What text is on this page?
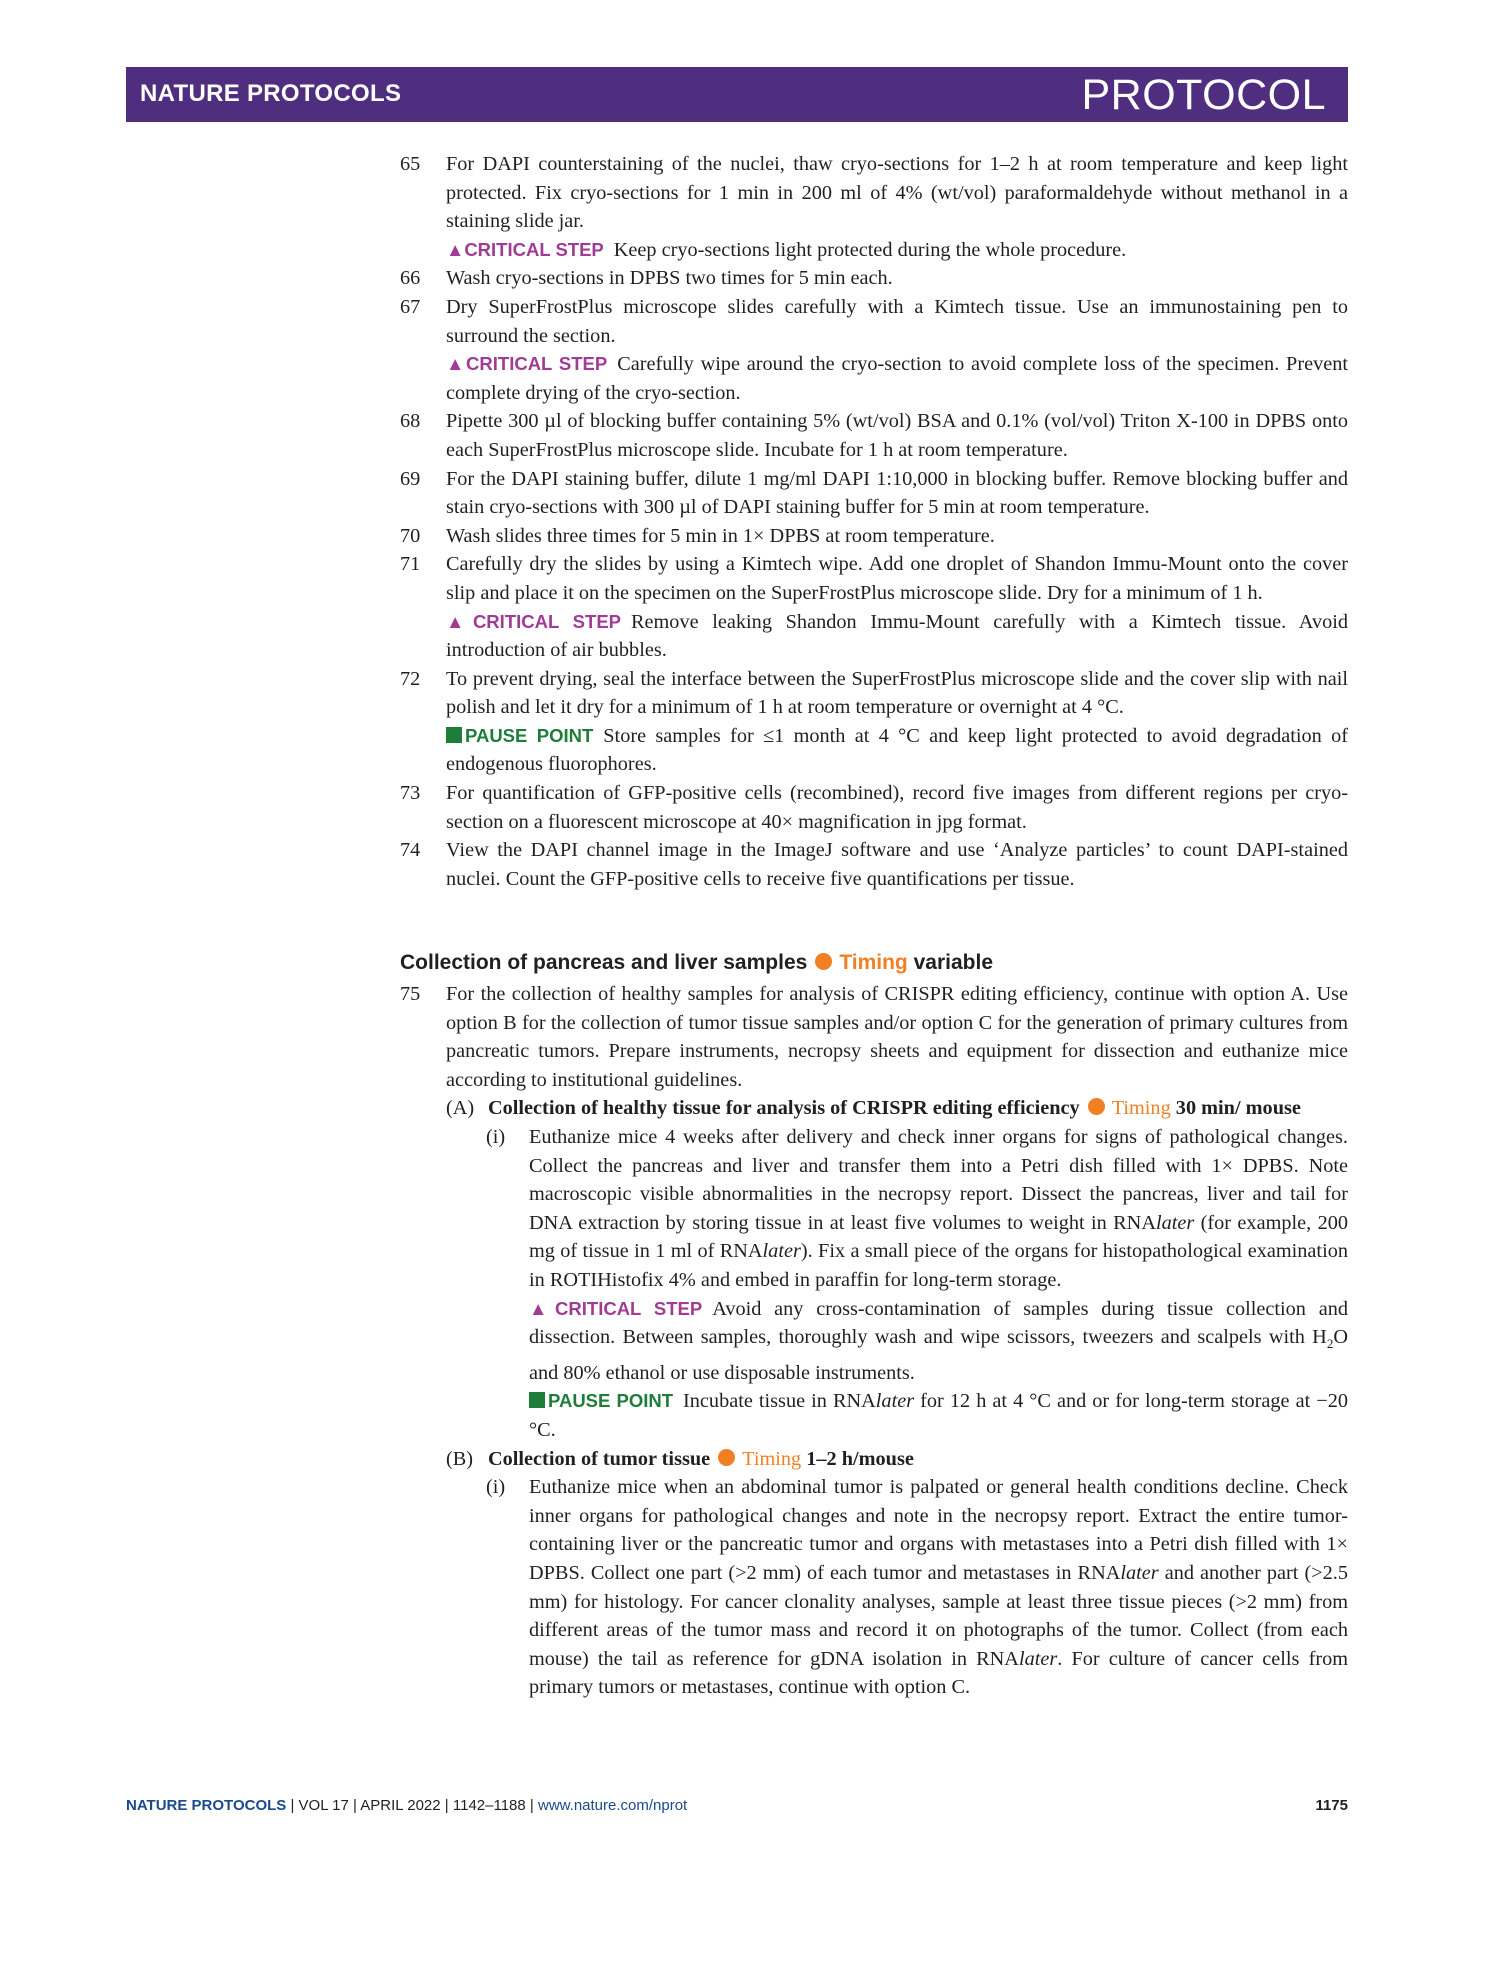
NATURE PROTOCOLS	PROTOCOL
65 For DAPI counterstaining of the nuclei, thaw cryo-sections for 1–2 h at room temperature and keep light protected. Fix cryo-sections for 1 min in 200 ml of 4% (wt/vol) paraformaldehyde without methanol in a staining slide jar.
▲CRITICAL STEP Keep cryo-sections light protected during the whole procedure.
66 Wash cryo-sections in DPBS two times for 5 min each.
67 Dry SuperFrostPlus microscope slides carefully with a Kimtech tissue. Use an immunostaining pen to surround the section.
▲CRITICAL STEP Carefully wipe around the cryo-section to avoid complete loss of the specimen. Prevent complete drying of the cryo-section.
68 Pipette 300 µl of blocking buffer containing 5% (wt/vol) BSA and 0.1% (vol/vol) Triton X-100 in DPBS onto each SuperFrostPlus microscope slide. Incubate for 1 h at room temperature.
69 For the DAPI staining buffer, dilute 1 mg/ml DAPI 1:10,000 in blocking buffer. Remove blocking buffer and stain cryo-sections with 300 µl of DAPI staining buffer for 5 min at room temperature.
70 Wash slides three times for 5 min in 1× DPBS at room temperature.
71 Carefully dry the slides by using a Kimtech wipe. Add one droplet of Shandon Immu-Mount onto the cover slip and place it on the specimen on the SuperFrostPlus microscope slide. Dry for a minimum of 1 h.
▲CRITICAL STEP Remove leaking Shandon Immu-Mount carefully with a Kimtech tissue. Avoid introduction of air bubbles.
72 To prevent drying, seal the interface between the SuperFrostPlus microscope slide and the cover slip with nail polish and let it dry for a minimum of 1 h at room temperature or overnight at 4 °C.
PAUSE POINT Store samples for ≤1 month at 4 °C and keep light protected to avoid degradation of endogenous fluorophores.
73 For quantification of GFP-positive cells (recombined), record five images from different regions per cryo-section on a fluorescent microscope at 40× magnification in jpg format.
74 View the DAPI channel image in the ImageJ software and use ‘Analyze particles’ to count DAPI-stained nuclei. Count the GFP-positive cells to receive five quantifications per tissue.
Collection of pancreas and liver samples Timing variable
75 For the collection of healthy samples for analysis of CRISPR editing efficiency, continue with option A. Use option B for the collection of tumor tissue samples and/or option C for the generation of primary cultures from pancreatic tumors. Prepare instruments, necropsy sheets and equipment for dissection and euthanize mice according to institutional guidelines.
(A) Collection of healthy tissue for analysis of CRISPR editing efficiency Timing 30 min/ mouse
(i) Euthanize mice 4 weeks after delivery and check inner organs for signs of pathological changes. Collect the pancreas and liver and transfer them into a Petri dish filled with 1× DPBS. Note macroscopic visible abnormalities in the necropsy report. Dissect the pancreas, liver and tail for DNA extraction by storing tissue in at least five volumes to weight in RNAlater (for example, 200 mg of tissue in 1 ml of RNAlater). Fix a small piece of the organs for histopathological examination in ROTIHistofix 4% and embed in paraffin for long-term storage.
▲CRITICAL STEP Avoid any cross-contamination of samples during tissue collection and dissection. Between samples, thoroughly wash and wipe scissors, tweezers and scalpels with $H_2O$ and 80% ethanol or use disposable instruments.
PAUSE POINT Incubate tissue in RNAlater for 12 h at 4 °C and or for long-term storage at −20 °C.
(B) Collection of tumor tissue Timing 1–2 h/mouse
(i) Euthanize mice when an abdominal tumor is palpated or general health conditions decline. Check inner organs for pathological changes and note in the necropsy report. Extract the entire tumor-containing liver or the pancreatic tumor and organs with metastases into a Petri dish filled with 1× DPBS. Collect one part (>2 mm) of each tumor and metastases in RNAlater and another part (>2.5 mm) for histology. For cancer clonality analyses, sample at least three tissue pieces (>2 mm) from different areas of the tumor mass and record it on photographs of the tumor. Collect (from each mouse) the tail as reference for gDNA isolation in RNAlater. For culture of cancer cells from primary tumors or metastases, continue with option C.
NATURE PROTOCOLS | VOL 17 | APRIL 2022 | 1142–1188 | www.nature.com/nprot	1175
